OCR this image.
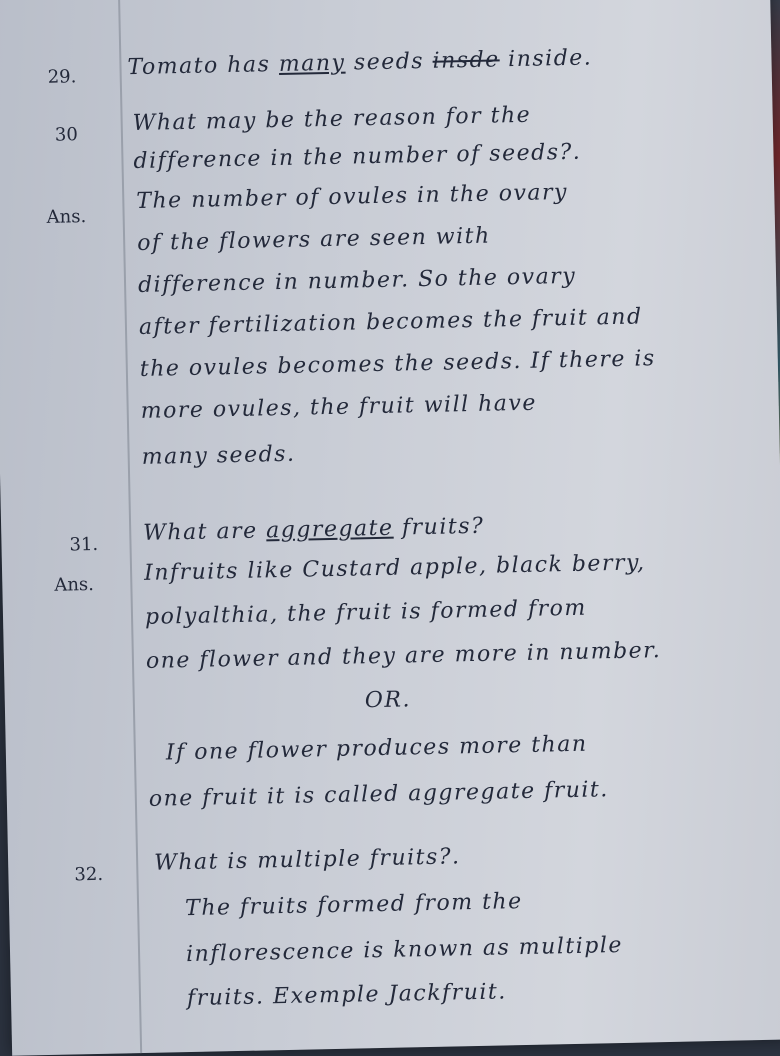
29. Tomato has many seeds insde inside.
30 What may be the reason for the
difference in the number of seeds?.
Ans.
The number of ovules in the ovary
of the flowers are seen with
difference in number. So the ovary
after fertilization becomes the fruit and
the ovules becomes the seeds. If there is
more ovules, the fruit will have
many seeds.
31. What are aggregate fruits?
Ans. Infruits like Custard apple, black berry,
polyalthia, the fruit is formed from
one flower and they are more in number.
OR.
If one flower produces more than
one fruit it is called aggregate fruit.
32. What is multiple fruits?.
The fruits formed from the
inflorescence is known as multiple
fruits. Exemple Jackfruit.
